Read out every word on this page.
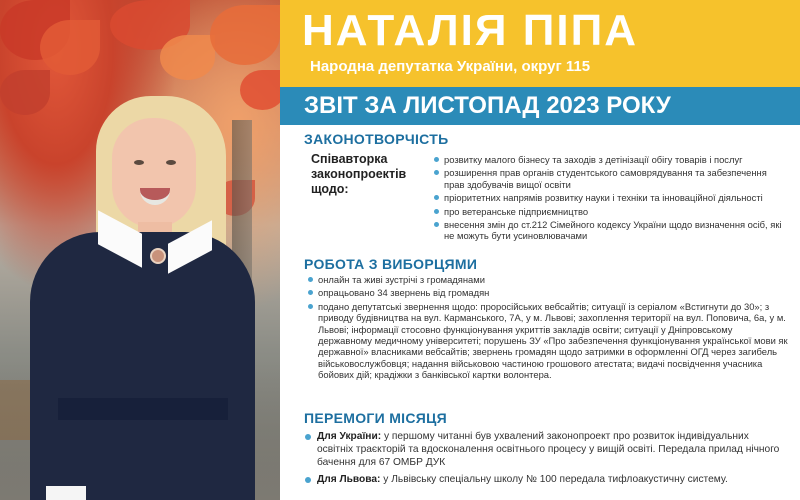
НАТАЛІЯ ПІПА
Народна депутатка України, округ 115
ЗВІТ ЗА ЛИСТОПАД 2023 РОКУ
ЗАКОНОТВОРЧІСТЬ
Співавторка законопроектів щодо:
розвитку малого бізнесу та заходів з детінізації обігу товарів і послуг
розширення прав органів студентського самоврядування та забезпечення прав здобувачів вищої освіти
пріоритетних напрямів розвитку науки і техніки та інноваційної діяльності
про ветеранське підприємництво
внесення змін до ст.212 Сімейного кодексу України щодо визначення осіб, які не можуть бути усиновлювачами
РОБОТА З ВИБОРЦЯМИ
онлайн та живі зустрічі з громадянами
опрацьовано 34 звернень від громадян
подано депутатські звернення щодо: проросійських вебсайтів; ситуації із серіалом «Встигнути до 30»; з приводу будівництва на вул. Карманського, 7А, у м. Львові; захоплення території на вул. Поповича, 6а, у м. Львові; інформації стосовно функціонування укриттів закладів освіти; ситуації у Дніпровському державному медичному університеті; порушень ЗУ «Про забезпечення функціонування української мови як державної» власниками вебсайтів; звернень громадян щодо затримки в оформленні ОГД через загибель військовослужбовця; надання військовою частиною грошового атестата; видачі посвідчення учасника бойових дій; крадіжки з банківської картки волонтера.
ПЕРЕМОГИ МІСЯЦЯ
Для України: у першому читанні був ухвалений законопроект про розвиток індивідуальних освітніх траєкторій та вдосконалення освітнього процесу у вищій освіті. Передала прилад нічного бачення для 67 ОМБР ДУК
Для Львова: у Львівську спеціальну школу № 100 передала тифлоакустичну систему.
